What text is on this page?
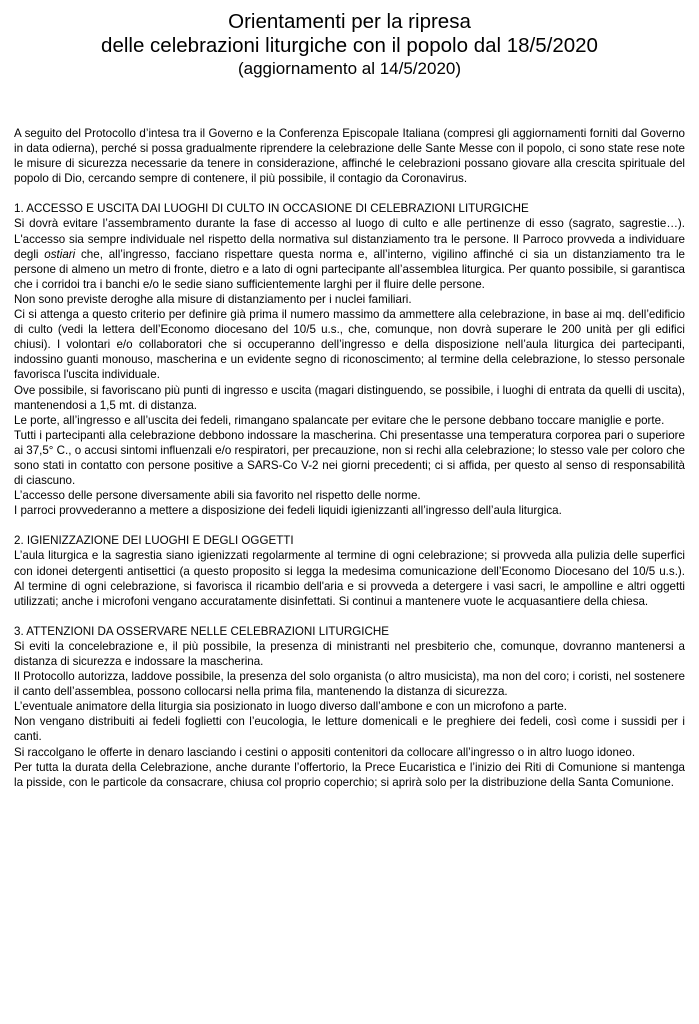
Orientamenti per la ripresa
delle celebrazioni liturgiche con il popolo dal 18/5/2020
(aggiornamento al 14/5/2020)

A seguito del Protocollo d’intesa tra il Governo e la Conferenza Episcopale Italiana (compresi gli aggiornamenti forniti dal Governo in data odierna), perché si possa gradualmente riprendere la celebrazione delle Sante Messe con il popolo, ci sono state rese note le misure di sicurezza necessarie da tenere in considerazione, affinché le celebrazioni possano giovare alla crescita spirituale del popolo di Dio, cercando sempre di contenere, il più possibile, il contagio da Coronavirus.

1. ACCESSO E USCITA DAI LUOGHI DI CULTO IN OCCASIONE DI CELEBRAZIONI LITURGICHE

Si dovrà evitare l’assembramento durante la fase di accesso al luogo di culto e alle pertinenze di esso (sagrato, sagrestie…). L'accesso sia sempre individuale nel rispetto della normativa sul distanziamento tra le persone. Il Parroco provveda a individuare degli ostiari che, all’ingresso, facciano rispettare questa norma e, all’interno, vigilino affinché ci sia un distanziamento tra le persone di almeno un metro di fronte, dietro e a lato di ogni partecipante all’assemblea liturgica. Per quanto possibile, si garantisca che i corridoi tra i banchi e/o le sedie siano sufficientemente larghi per il fluire delle persone.

Non sono previste deroghe alla misure di distanziamento per i nuclei familiari.

Ci si attenga a questo criterio per definire già prima il numero massimo da ammettere alla celebrazione, in base ai mq. dell’edificio di culto (vedi la lettera dell’Economo diocesano del 10/5 u.s., che, comunque, non dovrà superare le 200 unità per gli edifici chiusi). I volontari e/o collaboratori che si occuperanno dell’ingresso e della disposizione nell’aula liturgica dei partecipanti, indossino guanti monouso, mascherina e un evidente segno di riconoscimento; al termine della celebrazione, lo stesso personale favorisca l'uscita individuale.

Ove possibile, si favoriscano più punti di ingresso e uscita (magari distinguendo, se possibile, i luoghi di entrata da quelli di uscita), mantenendosi a 1,5 mt. di distanza.

Le porte, all’ingresso e all’uscita dei fedeli, rimangano spalancate per evitare che le persone debbano toccare maniglie e porte.

Tutti i partecipanti alla celebrazione debbono indossare la mascherina. Chi presentasse una temperatura corporea pari o superiore ai 37,5° C., o accusi sintomi influenzali e/o respiratori, per precauzione, non si rechi alla celebrazione; lo stesso vale per coloro che sono stati in contatto con persone positive a SARS-Co V-2 nei giorni precedenti; ci si affida, per questo al senso di responsabilità di ciascuno.

L’accesso delle persone diversamente abili sia favorito nel rispetto delle norme.

I parroci provvederanno a mettere a disposizione dei fedeli liquidi igienizzanti all’ingresso dell’aula liturgica.

2. IGIENIZZAZIONE DEI LUOGHI E DEGLI OGGETTI

L’aula liturgica e la sagrestia siano igienizzati regolarmente al termine di ogni celebrazione; si provveda alla pulizia delle superfici con idonei detergenti antisettici (a questo proposito si legga la medesima comunicazione dell’Economo Diocesano del 10/5 u.s.). Al termine di ogni celebrazione, si favorisca il ricambio dell'aria e si provveda a detergere i vasi sacri, le ampolline e altri oggetti utilizzati; anche i microfoni vengano accuratamente disinfettati. Si continui a mantenere vuote le acquasantiere della chiesa.

3. ATTENZIONI DA OSSERVARE NELLE CELEBRAZIONI LITURGICHE

Si eviti la concelebrazione e, il più possibile, la presenza di ministranti nel presbiterio che, comunque, dovranno mantenersi a distanza di sicurezza e indossare la mascherina.

Il Protocollo autorizza, laddove possibile, la presenza del solo organista (o altro musicista), ma non del coro; i coristi, nel sostenere il canto dell’assemblea, possono collocarsi nella prima fila, mantenendo la distanza di sicurezza.

L’eventuale animatore della liturgia sia posizionato in luogo diverso dall’ambone e con un microfono a parte.

Non vengano distribuiti ai fedeli foglietti con l’eucologia, le letture domenicali e le preghiere dei fedeli, così come i sussidi per i canti.

Si raccolgano le offerte in denaro lasciando i cestini o appositi contenitori da collocare all’ingresso o in altro luogo idoneo.

Per tutta la durata della Celebrazione, anche durante l’offertorio, la Prece Eucaristica e l’inizio dei Riti di Comunione si mantenga la pisside, con le particole da consacrare, chiusa col proprio coperchio; si aprirà solo per la distribuzione della Santa Comunione.
